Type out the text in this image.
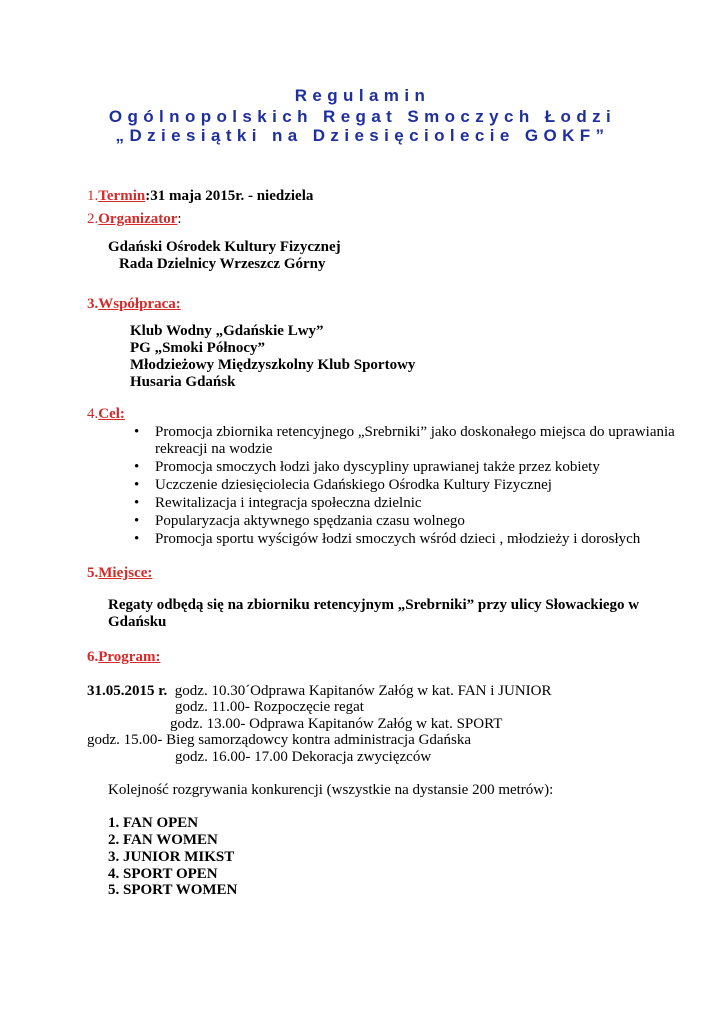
Regulamin
Ogólnopolskich Regat Smoczych Łodzi
„Dziesiątki na Dziesięciolecie GOKF”
1.Termin:31 maja 2015r. - niedziela
2.Organizator:
Gdański Ośrodek Kultury Fizycznej
Rada Dzielnicy Wrzeszcz Górny
3.Współpraca:
Klub Wodny „Gdańskie Lwy”
PG „Smoki Północy”
Młodzieżowy Międzyszkolny Klub Sportowy
Husaria Gdańsk
4.Cel:
• Promocja zbiornika retencyjnego „Srebrniki” jako doskonałego miejsca do uprawiania rekreacji na wodzie
• Promocja smoczych łodzi jako dyscypliny uprawianej także przez kobiety
• Uczczenie dziesięciolecia Gdańskiego Ośrodka Kultury Fizycznej
• Rewitalizacja i integracja społeczna dzielnic
• Popularyzacja aktywnego spędzania czasu wolnego
• Promocja sportu wyścigów łodzi smoczych wśród dzieci , młodzieży i dorosłych
5.Miejsce:
Regaty odbędą się na zbiorniku retencyjnym „Srebrniki” przy ulicy Słowackiego w
Gdańsku
6.Program:
31.05.2015 r. godz. 10.30´Odprawa Kapitanów Załóg w kat. FAN i JUNIOR
godz. 11.00- Rozpoczęcie regat
godz. 13.00- Odprawa Kapitanów Załóg w kat. SPORT
godz. 15.00- Bieg samorządowcy kontra administracja Gdańska
godz. 16.00- 17.00 Dekoracja zwycięzców
Kolejność rozgrywania konkurencji (wszystkie na dystansie 200 metrów):
1. FAN OPEN
2. FAN WOMEN
3. JUNIOR MIKST
4. SPORT OPEN
5. SPORT WOMEN
